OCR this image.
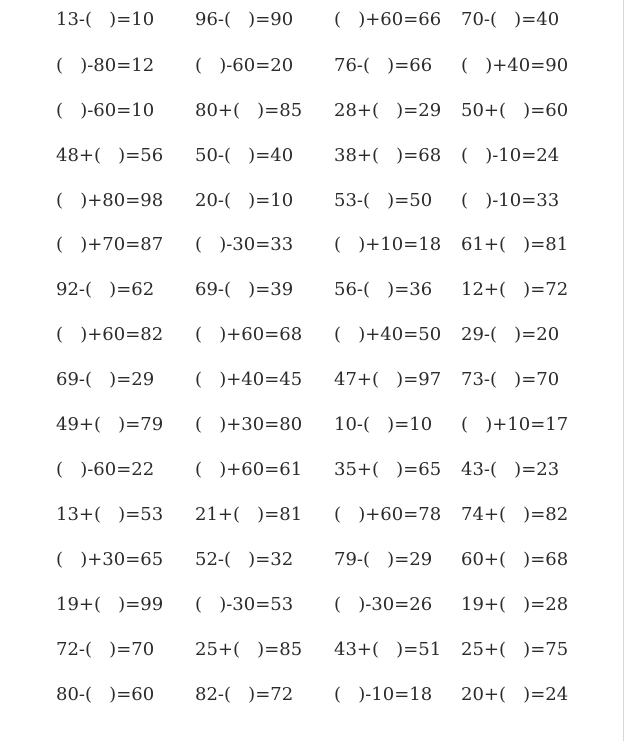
13-(   )=10 96-(   )=90 (   )+60=66 70-(   )=40
(   )-80=12 (   )-60=20 76-(   )=66 (   )+40=90
(   )-60=10 80+(   )=85 28+(   )=29 50+(   )=60
48+(   )=56 50-(   )=40 38+(   )=68 (   )-10=24
(   )+80=98 20-(   )=10 53-(   )=50 (   )-10=33
(   )+70=87 (   )-30=33 (   )+10=18 61+(   )=81
92-(   )=62 69-(   )=39 56-(   )=36 12+(   )=72
(   )+60=82 (   )+60=68 (   )+40=50 29-(   )=20
69-(   )=29 (   )+40=45 47+(   )=97 73-(   )=70
49+(   )=79 (   )+30=80 10-(   )=10 (   )+10=17
(   )-60=22 (   )+60=61 35+(   )=65 43-(   )=23
13+(   )=53 21+(   )=81 (   )+60=78 74+(   )=82
(   )+30=65 52-(   )=32 79-(   )=29 60+(   )=68
19+(   )=99 (   )-30=53 (   )-30=26 19+(   )=28
72-(   )=70 25+(   )=85 43+(   )=51 25+(   )=75
80-(   )=60 82-(   )=72 (   )-10=18 20+(   )=24
